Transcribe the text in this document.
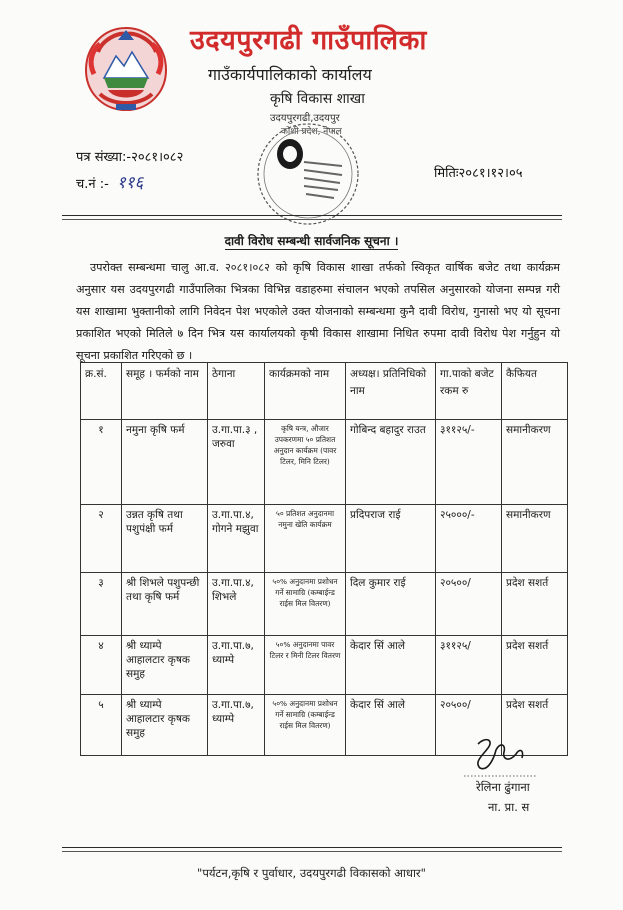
उदयपुरगढी गाउँपालिका
गाउँकार्यपालिकाको कार्यालय
कृषि विकास शाखा
उदयपुरगढी,उदयपुर
कोशी प्रदेश, नेपाल
पत्र संख्या:-२०८१।०८२
च.नं :- ११६	मितिः२०८१।१२।०५
दावी विरोध सम्बन्धी सार्वजनिक सूचना ।
उपरोक्त सम्बन्धमा चालु आ.व. २०८१।०८२ को कृषि विकास शाखा तर्फको स्विकृत वार्षिक बजेट तथा कार्यक्रम अनुसार यस उदयपुरगढी गाउँपालिका भित्रका विभिन्न वडाहरुमा संचालन भएको तपसिल अनुसारको योजना सम्पन्न गरी यस शाखामा भुक्तानीको लागि निवेदन पेश भएकोले उक्त योजनाको सम्बन्धमा कुनै दावी विरोध, गुनासो भए यो सूचना प्रकाशित भएको मितिले ७ दिन भित्र यस कार्यालयको कृषी विकास शाखामा निधित रुपमा दावी विरोध पेश गर्नुहुन यो सूचना प्रकाशित गरिएको छ ।
क्र.सं.	समूह । फर्मको नाम	ठेगाना	कार्यक्रमको नाम	अध्यक्ष। प्रतिनिधिको नाम	गा.पाको बजेट रकम रु	कैफियत
१	नमुना कृषि फर्म	उ.गा.पा.३ , जरुवा	कृषि यन्त्र, औजार उपकरणमा ५० प्रतिशत अनुदान कार्यक्रम (पावर टिलर, मिनि टिलर)	गोबिन्द बहादुर राउत	३११२५/-	समानीकरण
२	उन्नत कृषि तथा पशुपंक्षी फर्म	उ.गा.पा.४, गोगने मझुवा	५० प्रतिशत अनुदानमा नमुना खेति कार्यक्रम	प्रदिपराज राई	२५०००/-	समानीकरण
३	श्री शिभले पशुपन्छी तथा कृषि फर्म	उ.गा.पा.४, शिभले	५०% अनुदानमा प्रशोधन गर्ने सामाग्रि (कम्बाईन्ड राईस मिल वितरण)	दिल कुमार राई	२०५००/	प्रदेश सशर्त
४	श्री ध्याम्पे आहालटार कृषक समुह	उ.गा.पा.७, ध्याम्पे	५०% अनुदानमा पावर टिलर र मिनी टिलर वितरण	केदार सिं आले	३११२५/	प्रदेश सशर्त
५	श्री ध्याम्पे आहालटार कृषक समुह	उ.गा.पा.७, ध्याम्पे	५०% अनुदानमा प्रशोधन गर्ने सामाग्रि (कम्बाईन्ड राईस मिल वितरण)	केदार सिं आले	२०५००/	प्रदेश सशर्त
रेलिना ढुंगाना
ना. प्रा. स
"पर्यटन,कृषि र पुर्वाधार, उदयपुरगढी विकासको आधार"
